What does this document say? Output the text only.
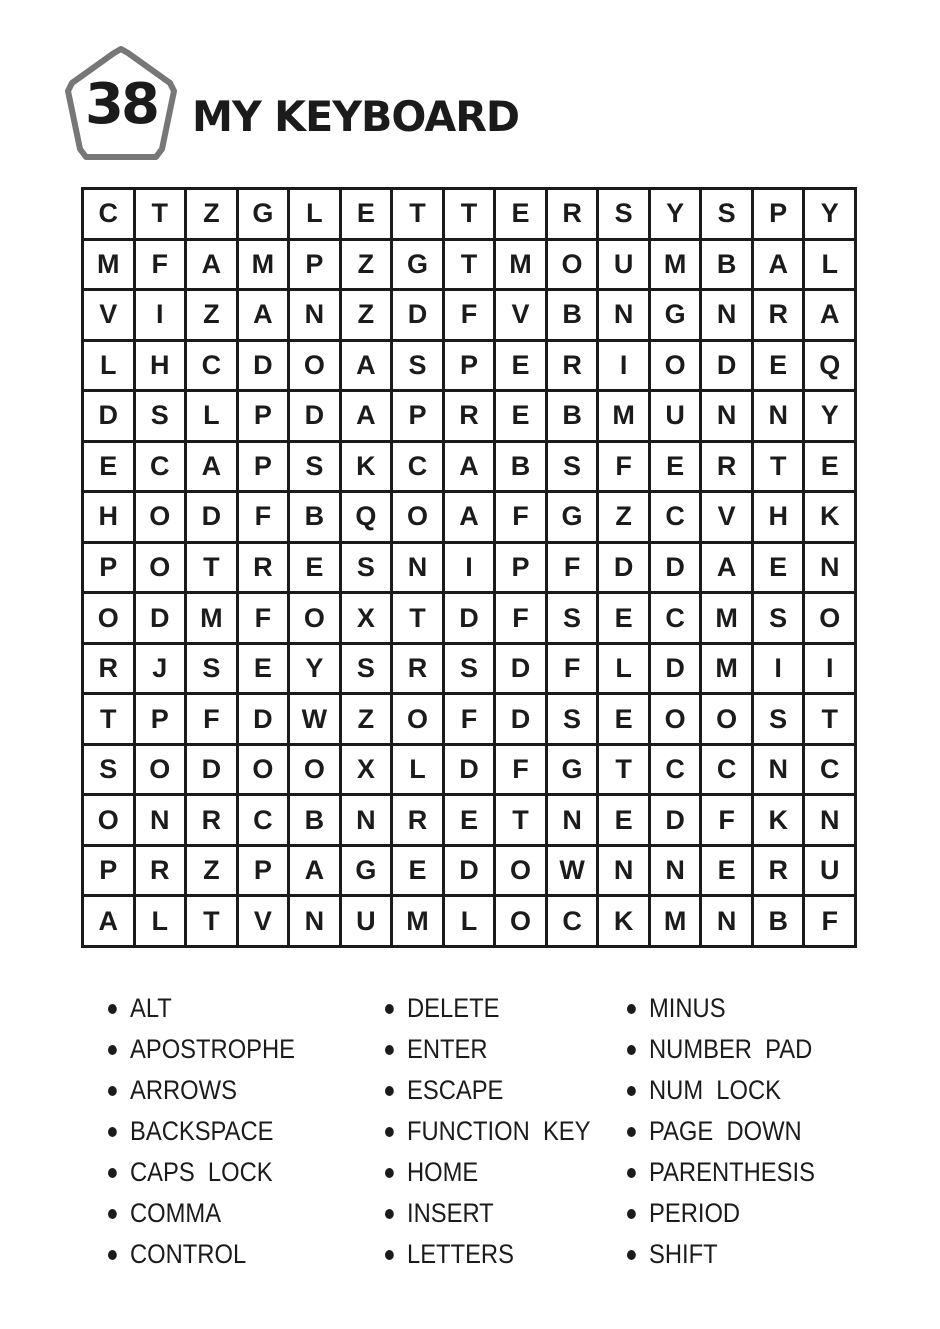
38 MY KEYBOARD
C	T	Z	G	L	E	T	T	E	R	S	Y	S	P	Y
M	F	A	M	P	Z	G	T	M	O	U	M	B	A	L
V	I	Z	A	N	Z	D	F	V	B	N	G	N	R	A
L	H	C	D	O	A	S	P	E	R	I	O	D	E	Q
D	S	L	P	D	A	P	R	E	B	M	U	N	N	Y
E	C	A	P	S	K	C	A	B	S	F	E	R	T	E
H	O	D	F	B	Q	O	A	F	G	Z	C	V	H	K
P	O	T	R	E	S	N	I	P	F	D	D	A	E	N
O	D	M	F	O	X	T	D	F	S	E	C	M	S	O
R	J	S	E	Y	S	R	S	D	F	L	D	M	I	I
T	P	F	D	W	Z	O	F	D	S	E	O	O	S	T
S	O	D	O	O	X	L	D	F	G	T	C	C	N	C
O	N	R	C	B	N	R	E	T	N	E	D	F	K	N
P	R	Z	P	A	G	E	D	O	W	N	N	E	R	U
A	L	T	V	N	U	M	L	O	C	K	M	N	B	F
ALT
APOSTROPHE
ARROWS
BACKSPACE
CAPS  LOCK
COMMA
CONTROL
DELETE
ENTER
ESCAPE
FUNCTION  KEY
HOME
INSERT
LETTERS
MINUS
NUMBER  PAD
NUM  LOCK
PAGE  DOWN
PARENTHESIS
PERIOD
SHIFT
